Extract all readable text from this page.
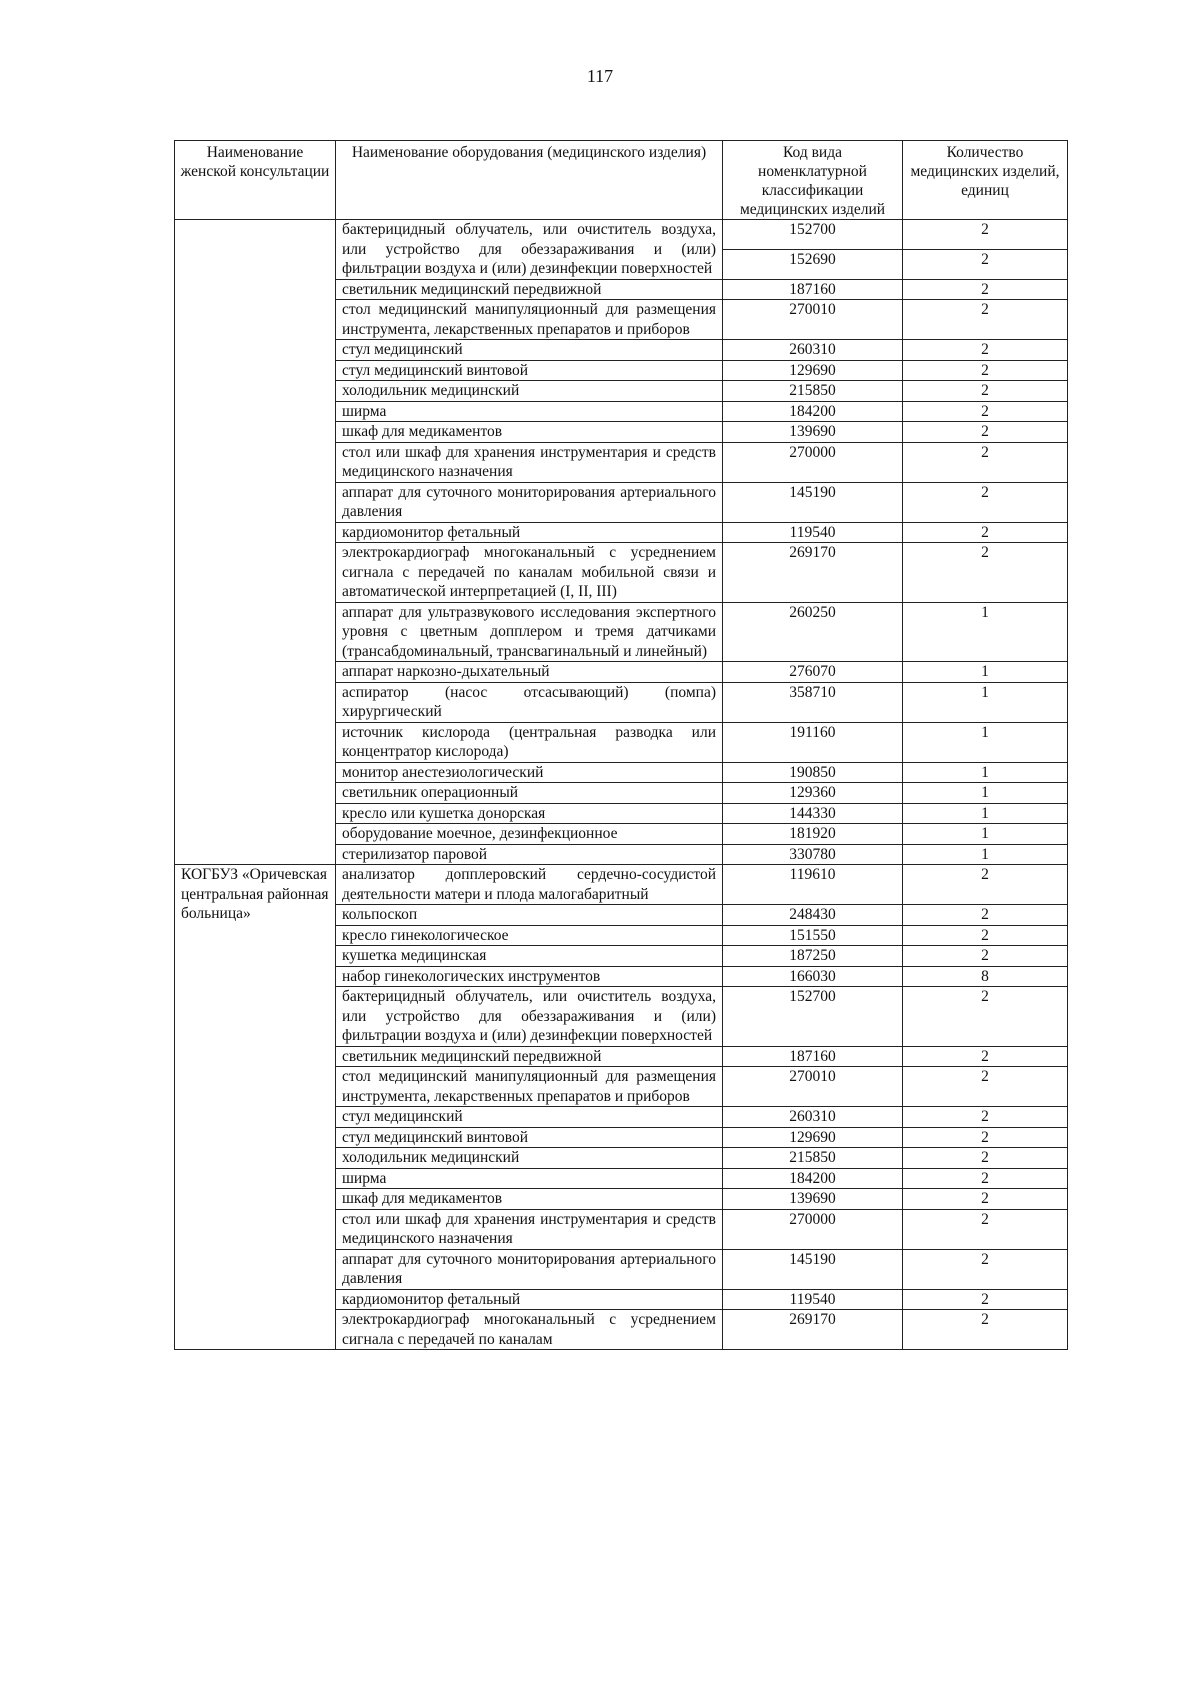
117
Наименование женской консультации	Наименование оборудования (медицинского изделия)	Код вида номенклатурной классификации медицинских изделий	Количество медицинских изделий, единиц
	бактерицидный облучатель, или очиститель воздуха, или устройство для обеззараживания и (или) фильтрации воздуха и (или) дезинфекции поверхностей	152700	2
		152690	2
	светильник медицинский передвижной	187160	2
	стол медицинский манипуляционный для размещения инструмента, лекарственных препаратов и приборов	270010	2
	стул медицинский	260310	2
	стул медицинский винтовой	129690	2
	холодильник медицинский	215850	2
	ширма	184200	2
	шкаф для медикаментов	139690	2
	стол или шкаф для хранения инструментария и средств медицинского назначения	270000	2
	аппарат для суточного мониторирования артериального давления	145190	2
	кардиомонитор фетальный	119540	2
	электрокардиограф многоканальный с усреднением сигнала с передачей по каналам мобильной связи и автоматической интерпретацией (I, II, III)	269170	2
	аппарат для ультразвукового исследования экспертного уровня с цветным допплером и тремя датчиками (трансабдоминальный, трансвагинальный и линейный)	260250	1
	аппарат наркозно-дыхательный	276070	1
	аспиратор (насос отсасывающий) (помпа) хирургический	358710	1
	источник кислорода (центральная разводка или концентратор кислорода)	191160	1
	монитор анестезиологический	190850	1
	светильник операционный	129360	1
	кресло или кушетка донорская	144330	1
	оборудование моечное, дезинфекционное	181920	1
	стерилизатор паровой	330780	1
КОГБУЗ «Оричевская центральная районная больница»	анализатор допплеровский сердечно-сосудистой деятельности матери и плода малогабаритный	119610	2
	кольпоскоп	248430	2
	кресло гинекологическое	151550	2
	кушетка медицинская	187250	2
	набор гинекологических инструментов	166030	8
	бактерицидный облучатель, или очиститель воздуха, или устройство для обеззараживания и (или) фильтрации воздуха и (или) дезинфекции поверхностей	152700	2
	светильник медицинский передвижной	187160	2
	стол медицинский манипуляционный для размещения инструмента, лекарственных препаратов и приборов	270010	2
	стул медицинский	260310	2
	стул медицинский винтовой	129690	2
	холодильник медицинский	215850	2
	ширма	184200	2
	шкаф для медикаментов	139690	2
	стол или шкаф для хранения инструментария и средств медицинского назначения	270000	2
	аппарат для суточного мониторирования артериального давления	145190	2
	кардиомонитор фетальный	119540	2
	электрокардиограф многоканальный с усреднением сигнала с передачей по каналам	269170	2
